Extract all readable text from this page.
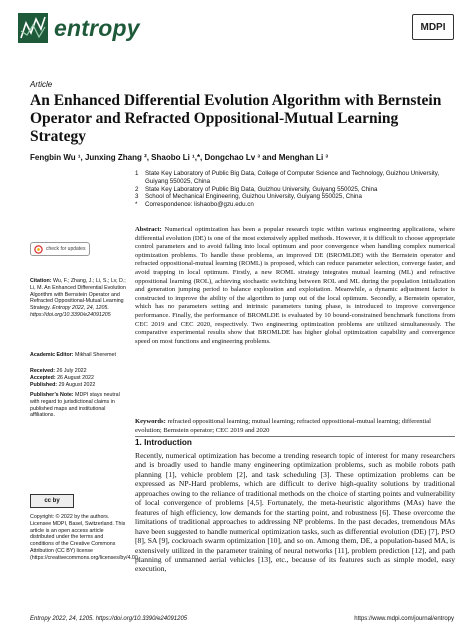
entropy	MDPI
Article
An Enhanced Differential Evolution Algorithm with Bernstein Operator and Refracted Oppositional-Mutual Learning Strategy
Fengbin Wu ¹, Junxing Zhang ², Shaobo Li ¹,*, Dongchao Lv ³ and Menghan Li ³
1	State Key Laboratory of Public Big Data, College of Computer Science and Technology, Guizhou University, Guiyang 550025, China
2	State Key Laboratory of Public Big Data, Guizhou University, Guiyang 550025, China
3	School of Mechanical Engineering, Guizhou University, Guiyang 550025, China
*	Correspondence: lishaobo@gzu.edu.cn

Abstract: Numerical optimization has been a popular research topic within various engineering applications, where differential evolution (DE) is one of the most extensively applied methods. However, it is difficult to choose appropriate control parameters and to avoid falling into local optimum and poor convergence when handling complex numerical optimization problems. To handle these problems, an improved DE (BROMLDE) with the Bernstein operator and refracted oppositional-mutual learning (ROML) is proposed, which can reduce parameter selection, converge faster, and avoid trapping in local optimum. Firstly, a new ROML strategy integrates mutual learning (ML) and refractive oppositional learning (ROL), achieving stochastic switching between ROL and ML during the population initialization and generation jumping period to balance exploration and exploitation. Meanwhile, a dynamic adjustment factor is constructed to improve the ability of the algorithm to jump out of the local optimum. Secondly, a Bernstein operator, which has no parameters setting and intrinsic parameters tuning phase, is introduced to improve convergence performance. Finally, the performance of BROMLDE is evaluated by 10 bound-constrained benchmark functions from CEC 2019 and CEC 2020, respectively. Two engineering optimization problems are utilized simultaneously. The comparative experimental results show that BROMLDE has higher global optimization capability and convergence speed on most functions and engineering problems.

Keywords: refracted oppositional learning; mutual learning; refracted oppositional-mutual learning; differential evolution; Bernstein operator; CEC 2019 and 2020

check for updates
Citation: Wu, F.; Zhang, J.; Li, S.; Lv, D.; Li, M. An Enhanced Differential Evolution Algorithm with Bernstein Operator and Refracted Oppositional-Mutual Learning Strategy. Entropy 2022, 24, 1205. https://doi.org/10.3390/e24091205
Academic Editor: Mikhail Sheremet
Received: 26 July 2022
Accepted: 26 August 2022
Published: 29 August 2022
Publisher’s Note: MDPI stays neutral with regard to jurisdictional claims in published maps and institutional affiliations.
cc by
Copyright: © 2022 by the authors. Licensee MDPI, Basel, Switzerland. This article is an open access article distributed under the terms and conditions of the Creative Commons Attribution (CC BY) license (https://creativecommons.org/licenses/by/4.0/).
1. Introduction

Recently, numerical optimization has become a trending research topic of interest for many researchers and is broadly used to handle many engineering optimization problems, such as mobile robots path planning [1], vehicle problem [2], and task scheduling [3]. These optimization problems can be expressed as NP-Hard problems, which are difficult to derive high-quality solutions by traditional approaches owing to the reliance of traditional methods on the choice of starting points and vulnerability of local convergence of problems [4,5]. Fortunately, the meta-heuristic algorithms (MAs) have the features of high efficiency, low demands for the starting point, and robustness [6]. These overcome the limitations of traditional approaches to addressing NP problems. In the past decades, tremendous MAs have been suggested to handle numerical optimization tasks, such as differential evolution (DE) [7], PSO [8], SA [9], cockroach swarm optimization [10], and so on. Among them, DE, a population-based MA, is extensively utilized in the parameter training of neural networks [11], problem prediction [12], and path planning of unmanned aerial vehicles [13], etc., because of its features such as simple model, easy execution,

Entropy 2022, 24, 1205. https://doi.org/10.3390/e24091205	https://www.mdpi.com/journal/entropy
